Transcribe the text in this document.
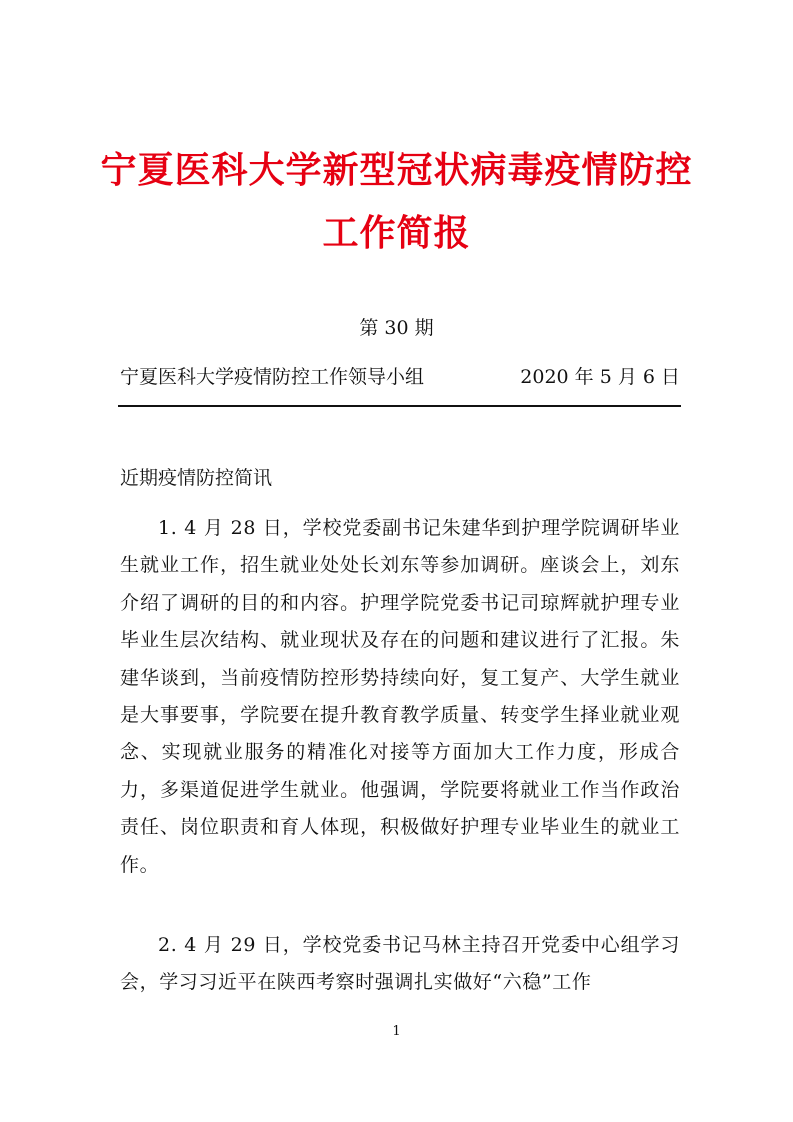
宁夏医科大学新型冠状病毒疫情防控
工作简报
第 30 期
宁夏医科大学疫情防控工作领导小组	2020 年 5 月 6 日
近期疫情防控简讯

1. 4 月 28 日，学校党委副书记朱建华到护理学院调研毕业生就业工作，招生就业处处长刘东等参加调研。座谈会上，刘东介绍了调研的目的和内容。护理学院党委书记司琼辉就护理专业毕业生层次结构、就业现状及存在的问题和建议进行了汇报。朱建华谈到，当前疫情防控形势持续向好，复工复产、大学生就业是大事要事，学院要在提升教育教学质量、转变学生择业就业观念、实现就业服务的精准化对接等方面加大工作力度，形成合力，多渠道促进学生就业。他强调，学院要将就业工作当作政治责任、岗位职责和育人体现，积极做好护理专业毕业生的就业工作。

2. 4 月 29 日，学校党委书记马林主持召开党委中心组学习会，学习习近平在陕西考察时强调扎实做好“六稳”工作

1
